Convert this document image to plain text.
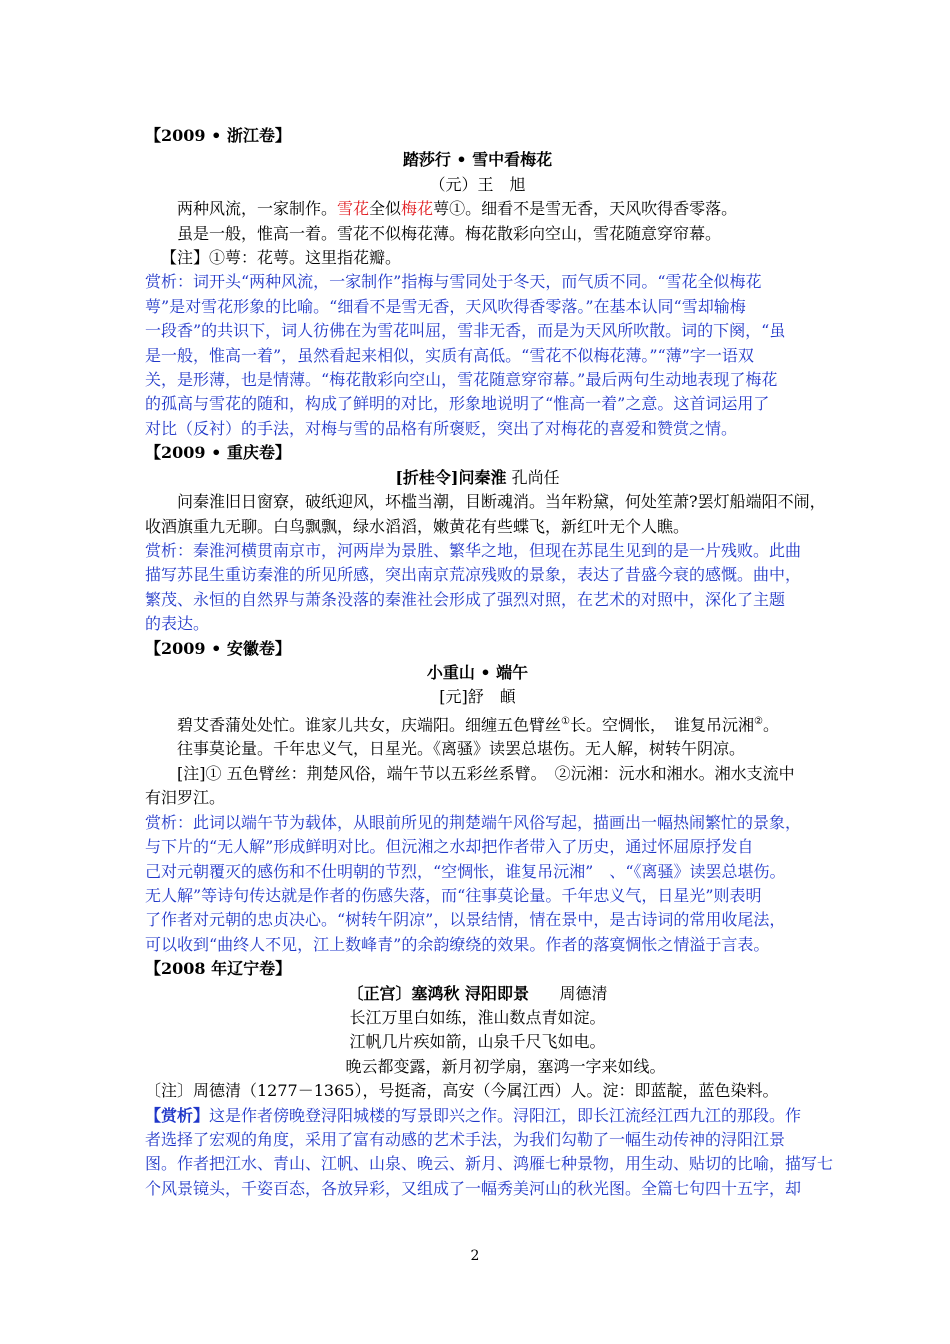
【2009 • 浙江卷】
踏莎行 • 雪中看梅花
（元）王　旭
两种风流，一家制作。雪花全似梅花萼①。细看不是雪无香，天风吹得香零落。
虽是一般，惟高一着。雪花不似梅花薄。梅花散彩向空山，雪花随意穿帘幕。
【注】①萼：花萼。这里指花瓣。
赏析：词开头“两种风流，一家制作”指梅与雪同处于冬天，而气质不同。“雪花全似梅花
萼”是对雪花形象的比喻。“细看不是雪无香，天风吹得香零落。”在基本认同“雪却输梅
一段香”的共识下，词人彷佛在为雪花叫屈，雪非无香，而是为天风所吹散。词的下阕，“虽
是一般，惟高一着”，虽然看起来相似，实质有高低。“雪花不似梅花薄。”“薄”字一语双
关，是形薄，也是情薄。“梅花散彩向空山，雪花随意穿帘幕。”最后两句生动地表现了梅花
的孤高与雪花的随和，构成了鲜明的对比，形象地说明了“惟高一着”之意。这首词运用了
对比（反衬）的手法，对梅与雪的品格有所褒贬，突出了对梅花的喜爱和赞赏之情。
【2009 • 重庆卷】
[折桂令]问秦淮 孔尚任
问秦淮旧日窗寮，破纸迎风，坏槛当潮，目断魂消。当年粉黛，何处笙萧?罢灯船端阳不闹，
收酒旗重九无聊。白鸟飘飘，绿水滔滔，嫩黄花有些蝶飞，新红叶无个人瞧。
赏析：秦淮河横贯南京市，河两岸为景胜、繁华之地，但现在苏昆生见到的是一片残败。此曲
描写苏昆生重访秦淮的所见所感，突出南京荒凉残败的景象，表达了昔盛今衰的感慨。曲中，
繁茂、永恒的自然界与萧条没落的秦淮社会形成了强烈对照，在艺术的对照中，深化了主题
的表达。
【2009 • 安徽卷】
小重山 • 端午
[元]舒　頔
碧艾香蒲处处忙。谁家儿共女，庆端阳。细缠五色臂丝①长。空惆怅，　谁复吊沅湘②。
往事莫论量。千年忠义气，日星光。《离骚》读罢总堪伤。无人解，树转午阴凉。
[注]① 五色臂丝：荆楚风俗，端午节以五彩丝系臂。　②沅湘：沅水和湘水。湘水支流中
有汨罗江。
赏析：此词以端午节为载体，从眼前所见的荆楚端午风俗写起，描画出一幅热闹繁忙的景象，
与下片的“无人解”形成鲜明对比。但沅湘之水却把作者带入了历史，通过怀屈原抒发自
己对元朝覆灭的感伤和不仕明朝的节烈，“空惆怅，谁复吊沅湘”　、“《离骚》读罢总堪伤。
无人解”等诗句传达就是作者的伤感失落，而“往事莫论量。千年忠义气，日星光”则表明
了作者对元朝的忠贞决心。“树转午阴凉”，以景结情，情在景中，是古诗词的常用收尾法，
可以收到“曲终人不见，江上数峰青”的余韵缭绕的效果。作者的落寞惆怅之情溢于言表。
【2008 年辽宁卷】
〔正宫〕塞鸿秋 浔阳即景 周德清
长江万里白如练，淮山数点青如淀。
江帆几片疾如箭，山泉千尺飞如电。
晚云都变露，新月初学扇，塞鸿一字来如线。
〔注〕周德清（1277－1365），号挺斋，高安（今属江西）人。淀：即蓝靛，蓝色染料。
【赏析】这是作者傍晚登浔阳城楼的写景即兴之作。浔阳江，即长江流经江西九江的那段。作
者选择了宏观的角度，采用了富有动感的艺术手法，为我们勾勒了一幅生动传神的浔阳江景
图。作者把江水、青山、江帆、山泉、晚云、新月、鸿雁七种景物，用生动、贴切的比喻，描写七
个风景镜头，千姿百态，各放异彩，又组成了一幅秀美河山的秋光图。全篇七句四十五字，却
2
